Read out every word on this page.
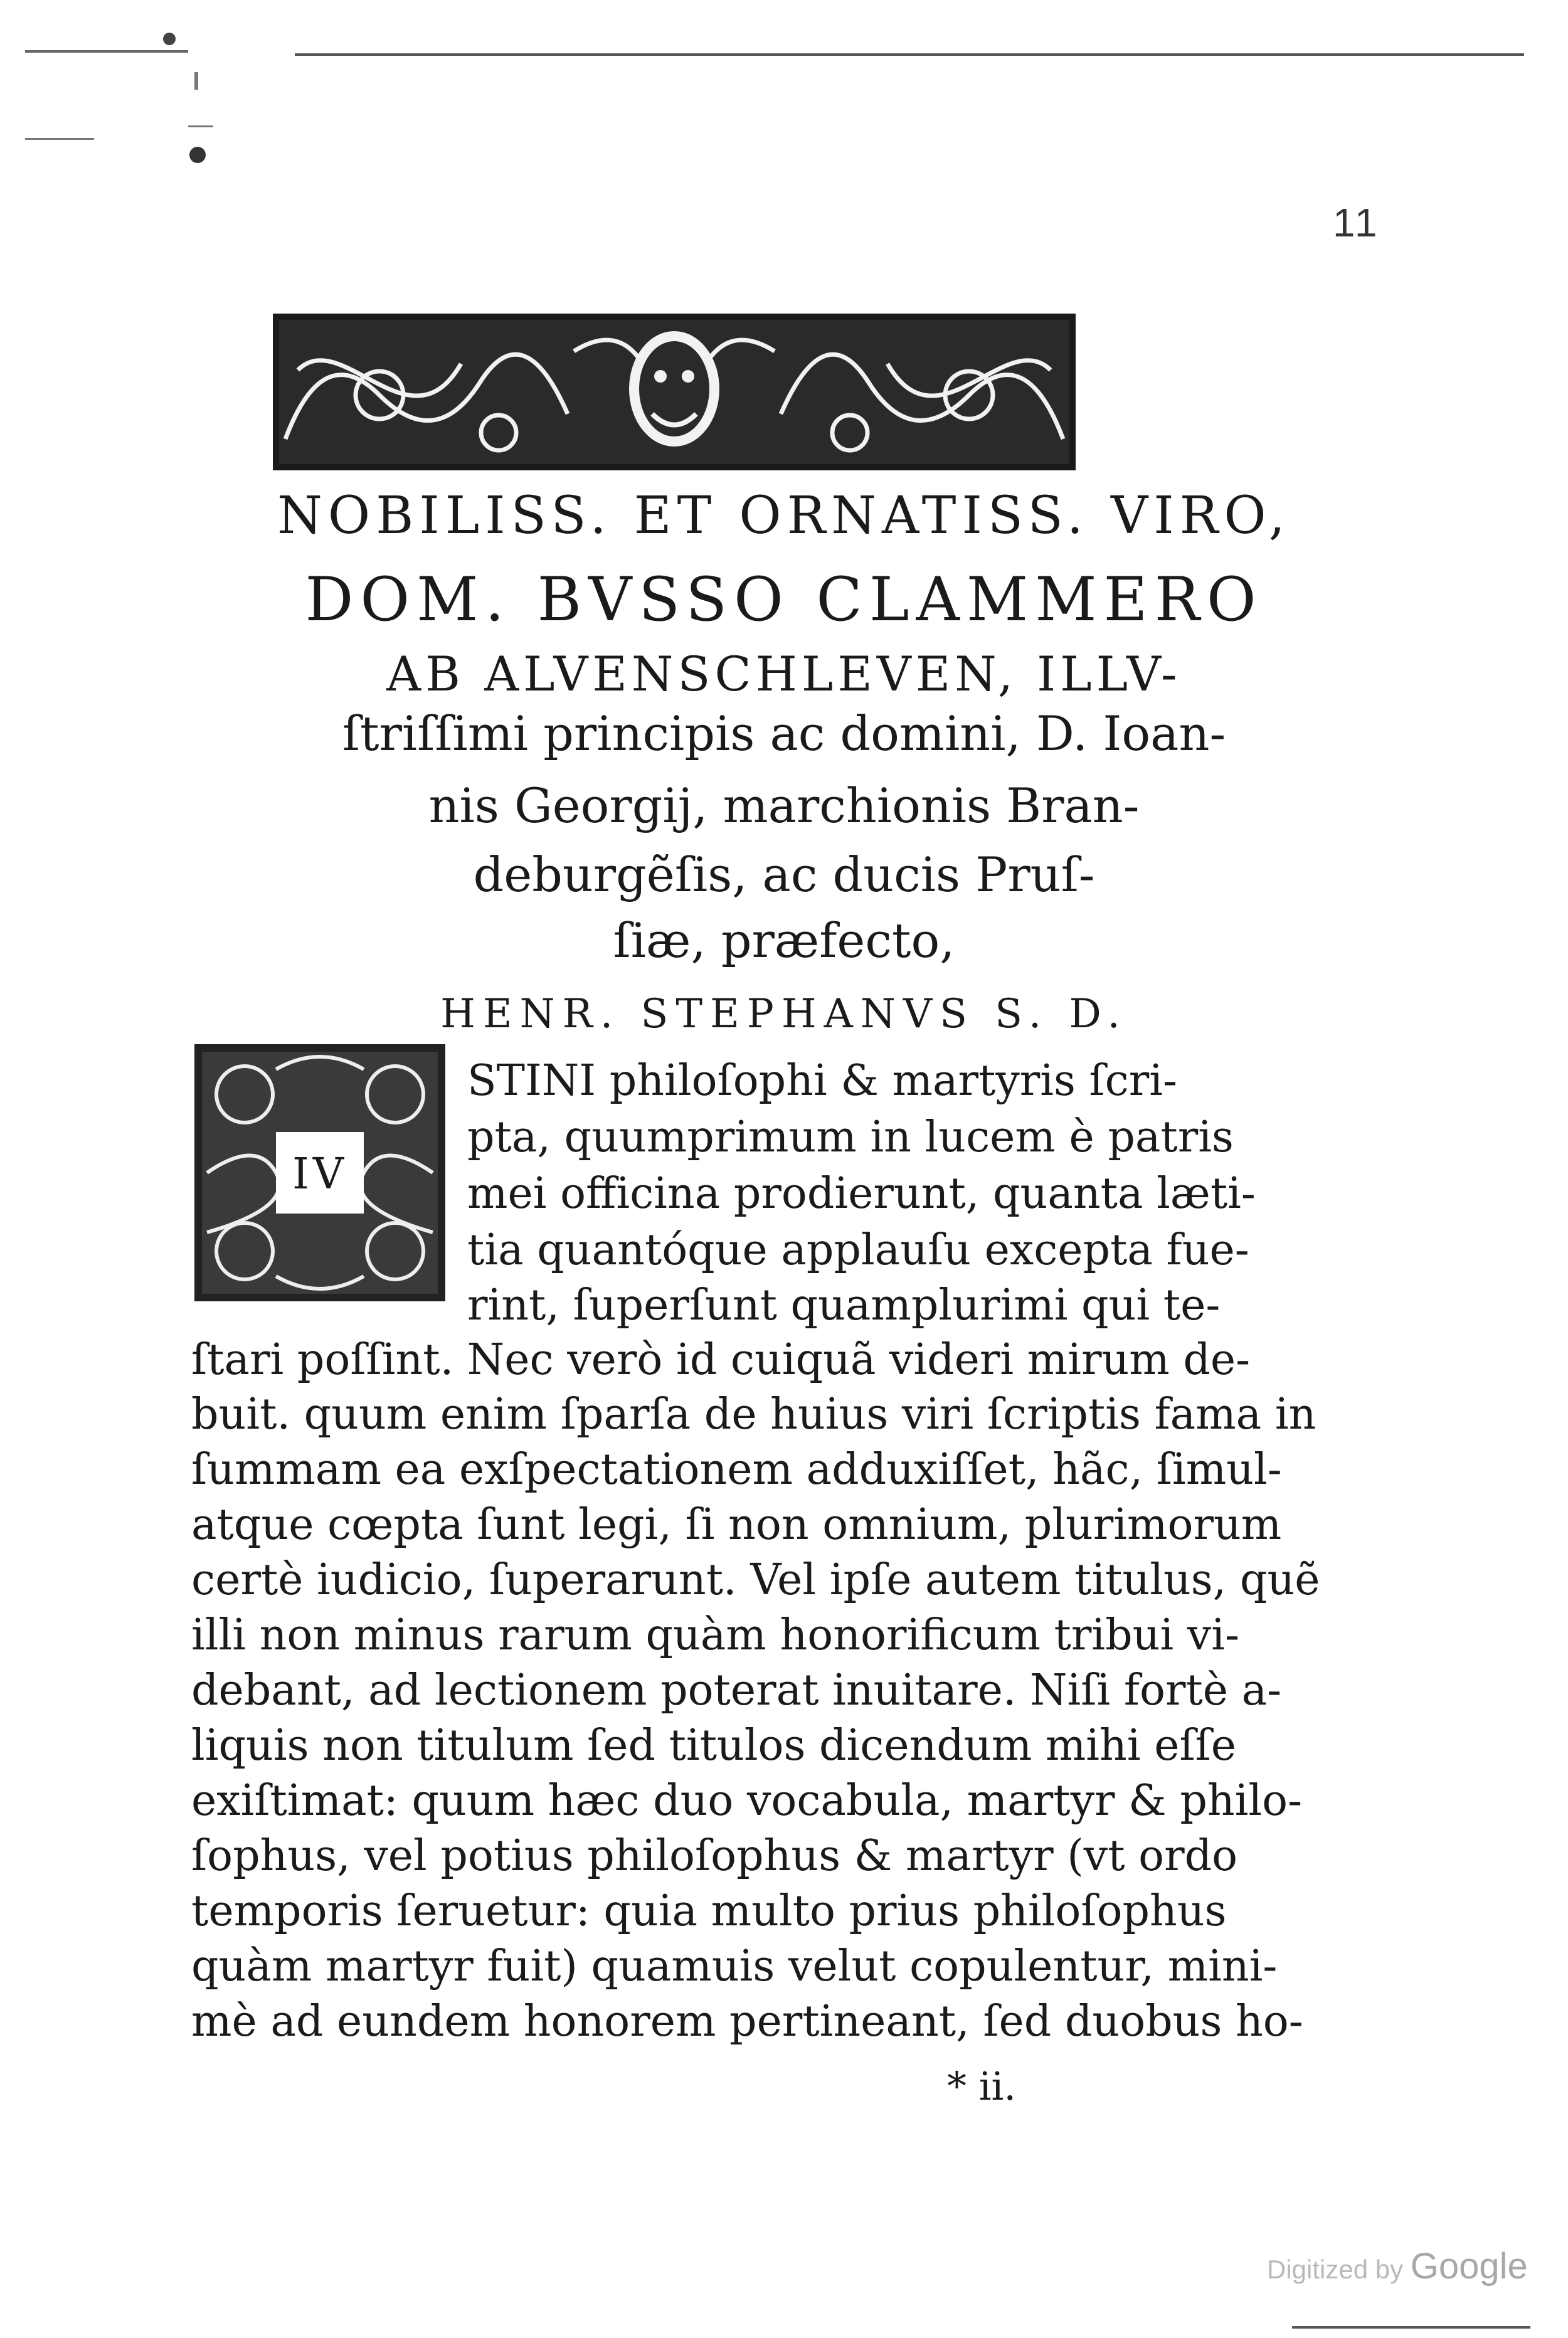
11
NOBILISS. ET ORNATISS. VIRO,
DOM. BVSSO CLAMMERO
AB ALVENSCHLEVEN, ILLV-
ſtriſſimi principis ac domini, D. Ioan-
nis Georgij, marchionis Bran-
deburgẽſis, ac ducis Pruſ-
ſiæ, præfecto,
HENR. STEPHANVS S. D.
IV
STINI philoſophi & martyris ſcri-
pta, quumprimum in lucem è patris
mei officina prodierunt, quanta læti-
tia quantóque applauſu excepta fue-
rint, ſuperſunt quamplurimi qui te-
ſtari poſſint. Nec verò id cuiquã videri mirum de-
buit. quum enim ſparſa de huius viri ſcriptis fama in
ſummam ea exſpectationem adduxiſſet, hãc, ſimul-
atque cœpta ſunt legi, ſi non omnium, plurimorum
certè iudicio, ſuperarunt. Vel ipſe autem titulus, quẽ
illi non minus rarum quàm honorificum tribui vi-
debant, ad lectionem poterat inuitare. Niſi fortè a-
liquis non titulum ſed titulos dicendum mihi eſſe
exiſtimat: quum hæc duo vocabula, martyr & philo-
ſophus, vel potius philoſophus & martyr (vt ordo
temporis ſeruetur: quia multo prius philoſophus
quàm martyr fuit) quamuis velut copulentur, mini-
mè ad eundem honorem pertineant, ſed duobus ho-
* ii.
Digitized by Google
